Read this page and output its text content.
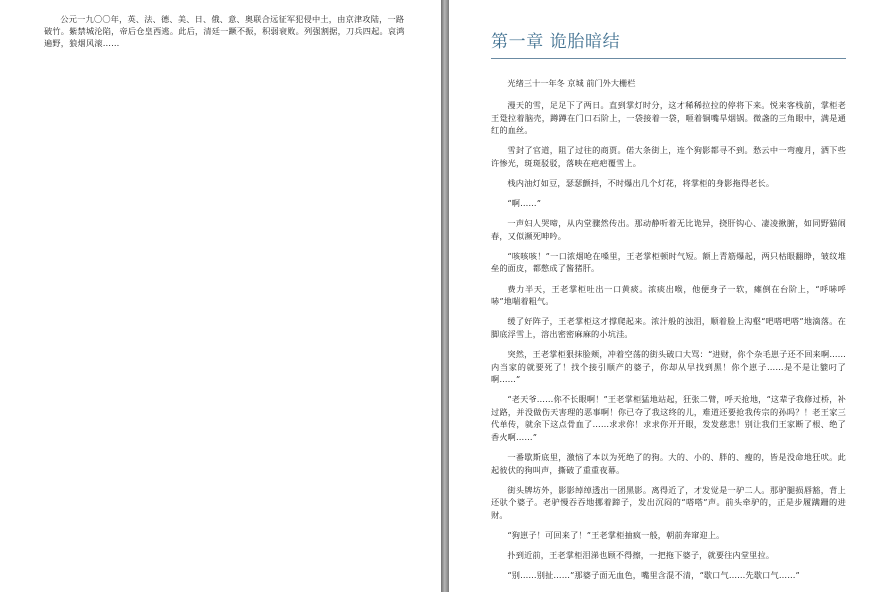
公元一九〇〇年，英、法、德、美、日、俄、意、奥联合远征军犯侵中土，由京津攻陆，一路破竹。紫禁城沦陷，帝后仓皇西逃。此后，清廷一蹶不振，积弱衰败。列强割据，刀兵四起。哀鸿遍野，狼烟风滚……	第一章 诡胎暗结

光绪三十一年冬 京城 前门外大栅栏

漫天的雪，足足下了两日。直到掌灯时分，这才稀稀拉拉的停将下来。悦来客栈前，掌柜老王跫拉着脑壳，蹲蹲在门口石阶上，一袋接着一袋，咂着铜嘴旱烟锅。微盏的三角眼中，满是通红的血丝。

雪封了官道，阻了过往的商贾。偌大条街上，连个狗影都寻不到。愁云中一弯瘦月，洒下些许惨光，斑斑驳驳，落映在疤疤覆雪上。

栈内油灯如豆，瑟瑟颤抖，不时爆出几个灯花，将掌柜的身影拖得老长。

“啊……”

一声妇人哭啼，从内堂骤然传出。那动静听着无比诡异，挠肝钩心、凄凌揪腑，如同野猫闹春，又似濒死呻吟。

“咳咳咳！”一口浓烟呛在嗓里，王老掌柜顿时气短。额上青筋爆起，两只枯眼翻睁，皱纹堆垒的面皮，都憋成了酱猪肝。

费力半天，王老掌柜吐出一口黄痰。浓痰出喉，他便身子一软，瘫倒在台阶上，“呼哧呼哧”地喘着粗气。

缓了好阵子，王老掌柜这才撑爬起来。浓汁般的浊泪，顺着脸上沟壑“吧嗒吧嗒”地滴落。在脚底浮雪上，溶出密密麻麻的小坑洼。

突然，王老掌柜狠抹脸颊，冲着空荡的街头破口大骂：“进财，你个杂毛崽子还不回来啊……内当家的就要死了！找个接引顺产的婆子，你却从早找到黑！你个崽子……是不是让貔叼了啊……”

“老天爷……你不长眼啊！”王老掌柜猛地站起，狂张二臂，呼天抢地，“这辈子我修过桥，补过路，并没做伤天害理的恶事啊！你已夺了我这终的儿，难道还要抢我传宗的孙吗？！老王家三代单传，就余下这点骨血了……求求你！求求你开开眼，发发慈悲！别让我们王家断了根、绝了香火啊……”

一番歇斯底里，激恼了本以为死绝了的狗。大的、小的、胖的、瘦的，皆是没命地狂吠。此起彼伏的狗叫声，撕破了重重夜幕。

街头牌坊外，影影绰绰透出一团黑影。离得近了，才发觉是一驴二人。那驴腿损唇豁，背上还驮个婆子。老驴慢吞吞地挪着蹄子，发出沉闷的“嗒嗒”声。前头牵驴的，正是步履蹒跚的进财。

“狗崽子！可回来了！”王老掌柜抽疯一般，朝前奔窜迎上。

扑到近前，王老掌柜泪涕也顾不得擦，一把拖下婆子，就要往内堂里拉。

“别……别扯……”那婆子面无血色，嘴里含混不清，“歇口气……先歇口气……”
